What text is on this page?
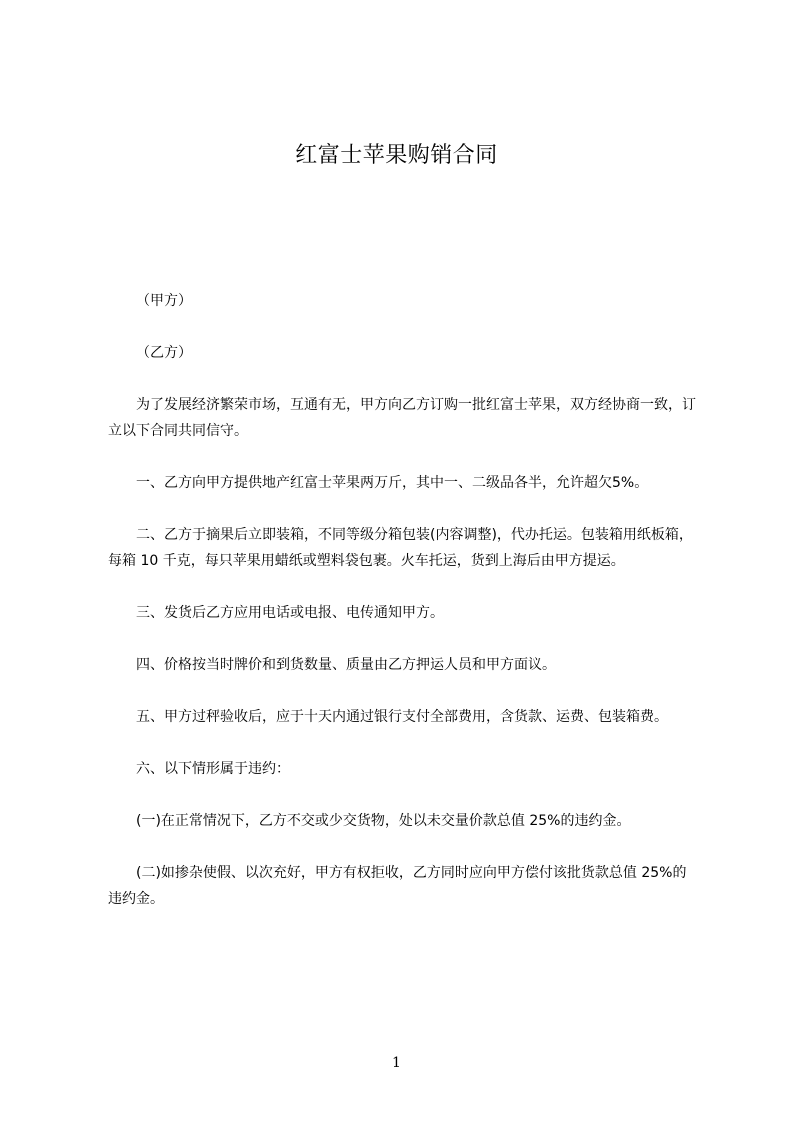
红富士苹果购销合同

（甲方）

（乙方）

为了发展经济繁荣市场，互通有无，甲方向乙方订购一批红富士苹果，双方经协商一致，订立以下合同共同信守。

一、乙方向甲方提供地产红富士苹果两万斤，其中一、二级品各半，允许超欠5%。

二、乙方于摘果后立即装箱，不同等级分箱包装(内容调整)，代办托运。包装箱用纸板箱，每箱 10 千克，每只苹果用蜡纸或塑料袋包裹。火车托运，货到上海后由甲方提运。

三、发货后乙方应用电话或电报、电传通知甲方。

四、价格按当时牌价和到货数量、质量由乙方押运人员和甲方面议。

五、甲方过秤验收后，应于十天内通过银行支付全部费用，含货款、运费、包装箱费。

六、以下情形属于违约：

(一)在正常情况下，乙方不交或少交货物，处以未交量价款总值 25%的违约金。

(二)如掺杂使假、以次充好，甲方有权拒收，乙方同时应向甲方偿付该批货款总值 25%的违约金。

1
